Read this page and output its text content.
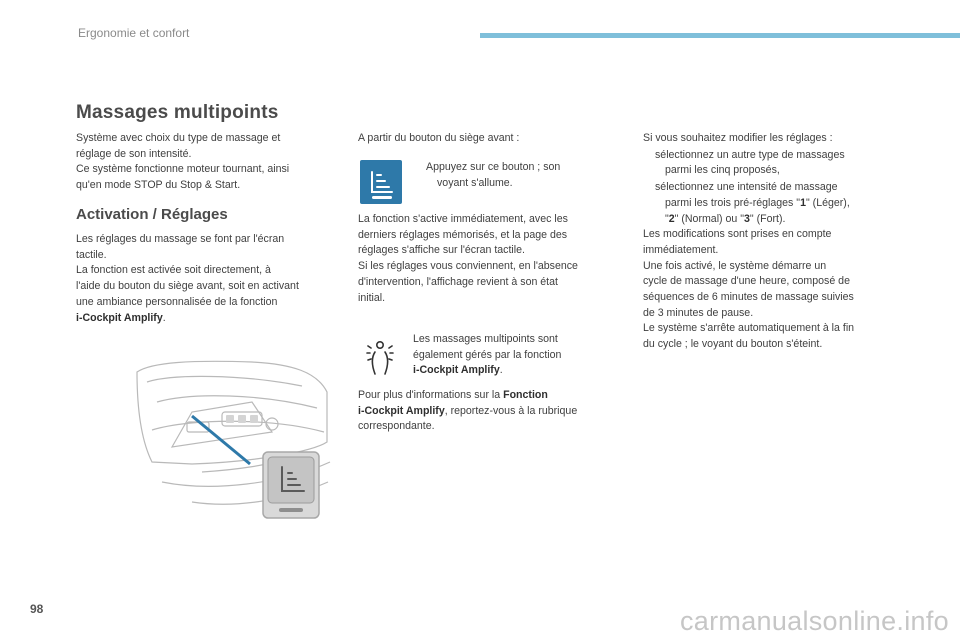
Ergonomie et confort
Massages multipoints

Système avec choix du type de massage et
réglage de son intensité.
Ce système fonctionne moteur tournant, ainsi
qu'en mode STOP du Stop & Start.

Activation / Réglages

Les réglages du massage se font par l'écran
tactile.
La fonction est activée soit directement, à
l'aide du bouton du siège avant, soit en activant
une ambiance personnalisée de la fonction
i-Cockpit Amplify.

A partir du bouton du siège avant :

Appuyez sur ce bouton ; son
voyant s'allume.

La fonction s'active immédiatement, avec les
derniers réglages mémorisés, et la page des
réglages s'affiche sur l'écran tactile.
Si les réglages vous conviennent, en l'absence
d'intervention, l'affichage revient à son état
initial.

Les massages multipoints sont
également gérés par la fonction
i-Cockpit Amplify.

Pour plus d'informations sur la Fonction
i-Cockpit Amplify, reportez-vous à la rubrique
correspondante.

Si vous souhaitez modifier les réglages :
sélectionnez un autre type de massages
parmi les cinq proposés,
sélectionnez une intensité de massage
parmi les trois pré-réglages "1" (Léger),
"2" (Normal) ou "3" (Fort).
Les modifications sont prises en compte
immédiatement.
Une fois activé, le système démarre un
cycle de massage d'une heure, composé de
séquences de 6 minutes de massage suivies
de 3 minutes de pause.
Le système s'arrête automatiquement à la fin
du cycle ; le voyant du bouton s'éteint.

98	carmanualsonline.info
